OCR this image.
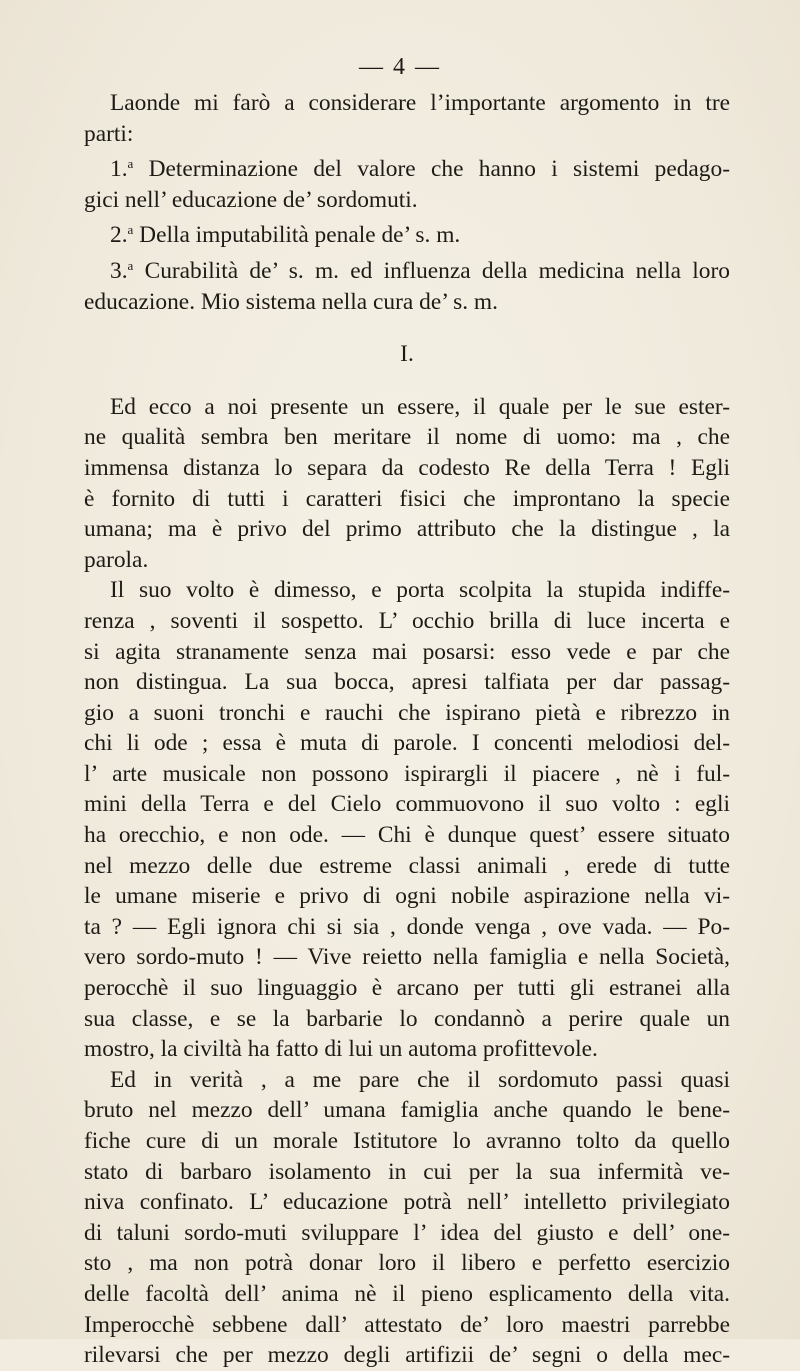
— 4 —
Laonde mi farò a considerare l’importante argomento in tre
parti:
1.$^a$ Determinazione del valore che hanno i sistemi pedago-
gici nell’ educazione de’ sordomuti.
2.$^a$ Della imputabilità penale de’ s. m.
3.$^a$ Curabilità de’ s. m. ed influenza della medicina nella loro
educazione. Mio sistema nella cura de’ s. m.
I.
Ed ecco a noi presente un essere, il quale per le sue ester-
ne qualità sembra ben meritare il nome di uomo: ma , che
immensa distanza lo separa da codesto Re della Terra ! Egli
è fornito di tutti i caratteri fisici che improntano la specie
umana; ma è privo del primo attributo che la distingue , la
parola.
Il suo volto è dimesso, e porta scolpita la stupida indiffe-
renza , soventi il sospetto. L’ occhio brilla di luce incerta e
si agita stranamente senza mai posarsi: esso vede e par che
non distingua. La sua bocca, apresi talfiata per dar passag-
gio a suoni tronchi e rauchi che ispirano pietà e ribrezzo in
chi li ode ; essa è muta di parole. I concenti melodiosi del-
l’ arte musicale non possono ispirargli il piacere , nè i ful-
mini della Terra e del Cielo commuovono il suo volto : egli
ha orecchio, e non ode. — Chi è dunque quest’ essere situato
nel mezzo delle due estreme classi animali , erede di tutte
le umane miserie e privo di ogni nobile aspirazione nella vi-
ta ? — Egli ignora chi si sia , donde venga , ove vada. — Po-
vero sordo-muto ! — Vive reietto nella famiglia e nella Società,
perocchè il suo linguaggio è arcano per tutti gli estranei alla
sua classe, e se la barbarie lo condannò a perire quale un
mostro, la civiltà ha fatto di lui un automa profittevole.
Ed in verità , a me pare che il sordomuto passi quasi
bruto nel mezzo dell’ umana famiglia anche quando le bene-
fiche cure di un morale Istitutore lo avranno tolto da quello
stato di barbaro isolamento in cui per la sua infermità ve-
niva confinato. L’ educazione potrà nell’ intelletto privilegiato
di taluni sordo-muti sviluppare l’ idea del giusto e dell’ one-
sto , ma non potrà donar loro il libero e perfetto esercizio
delle facoltà dell’ anima nè il pieno esplicamento della vita.
Imperocchè sebbene dall’ attestato de’ loro maestri parrebbe
rilevarsi che per mezzo degli artifizii de’ segni o della mec-
